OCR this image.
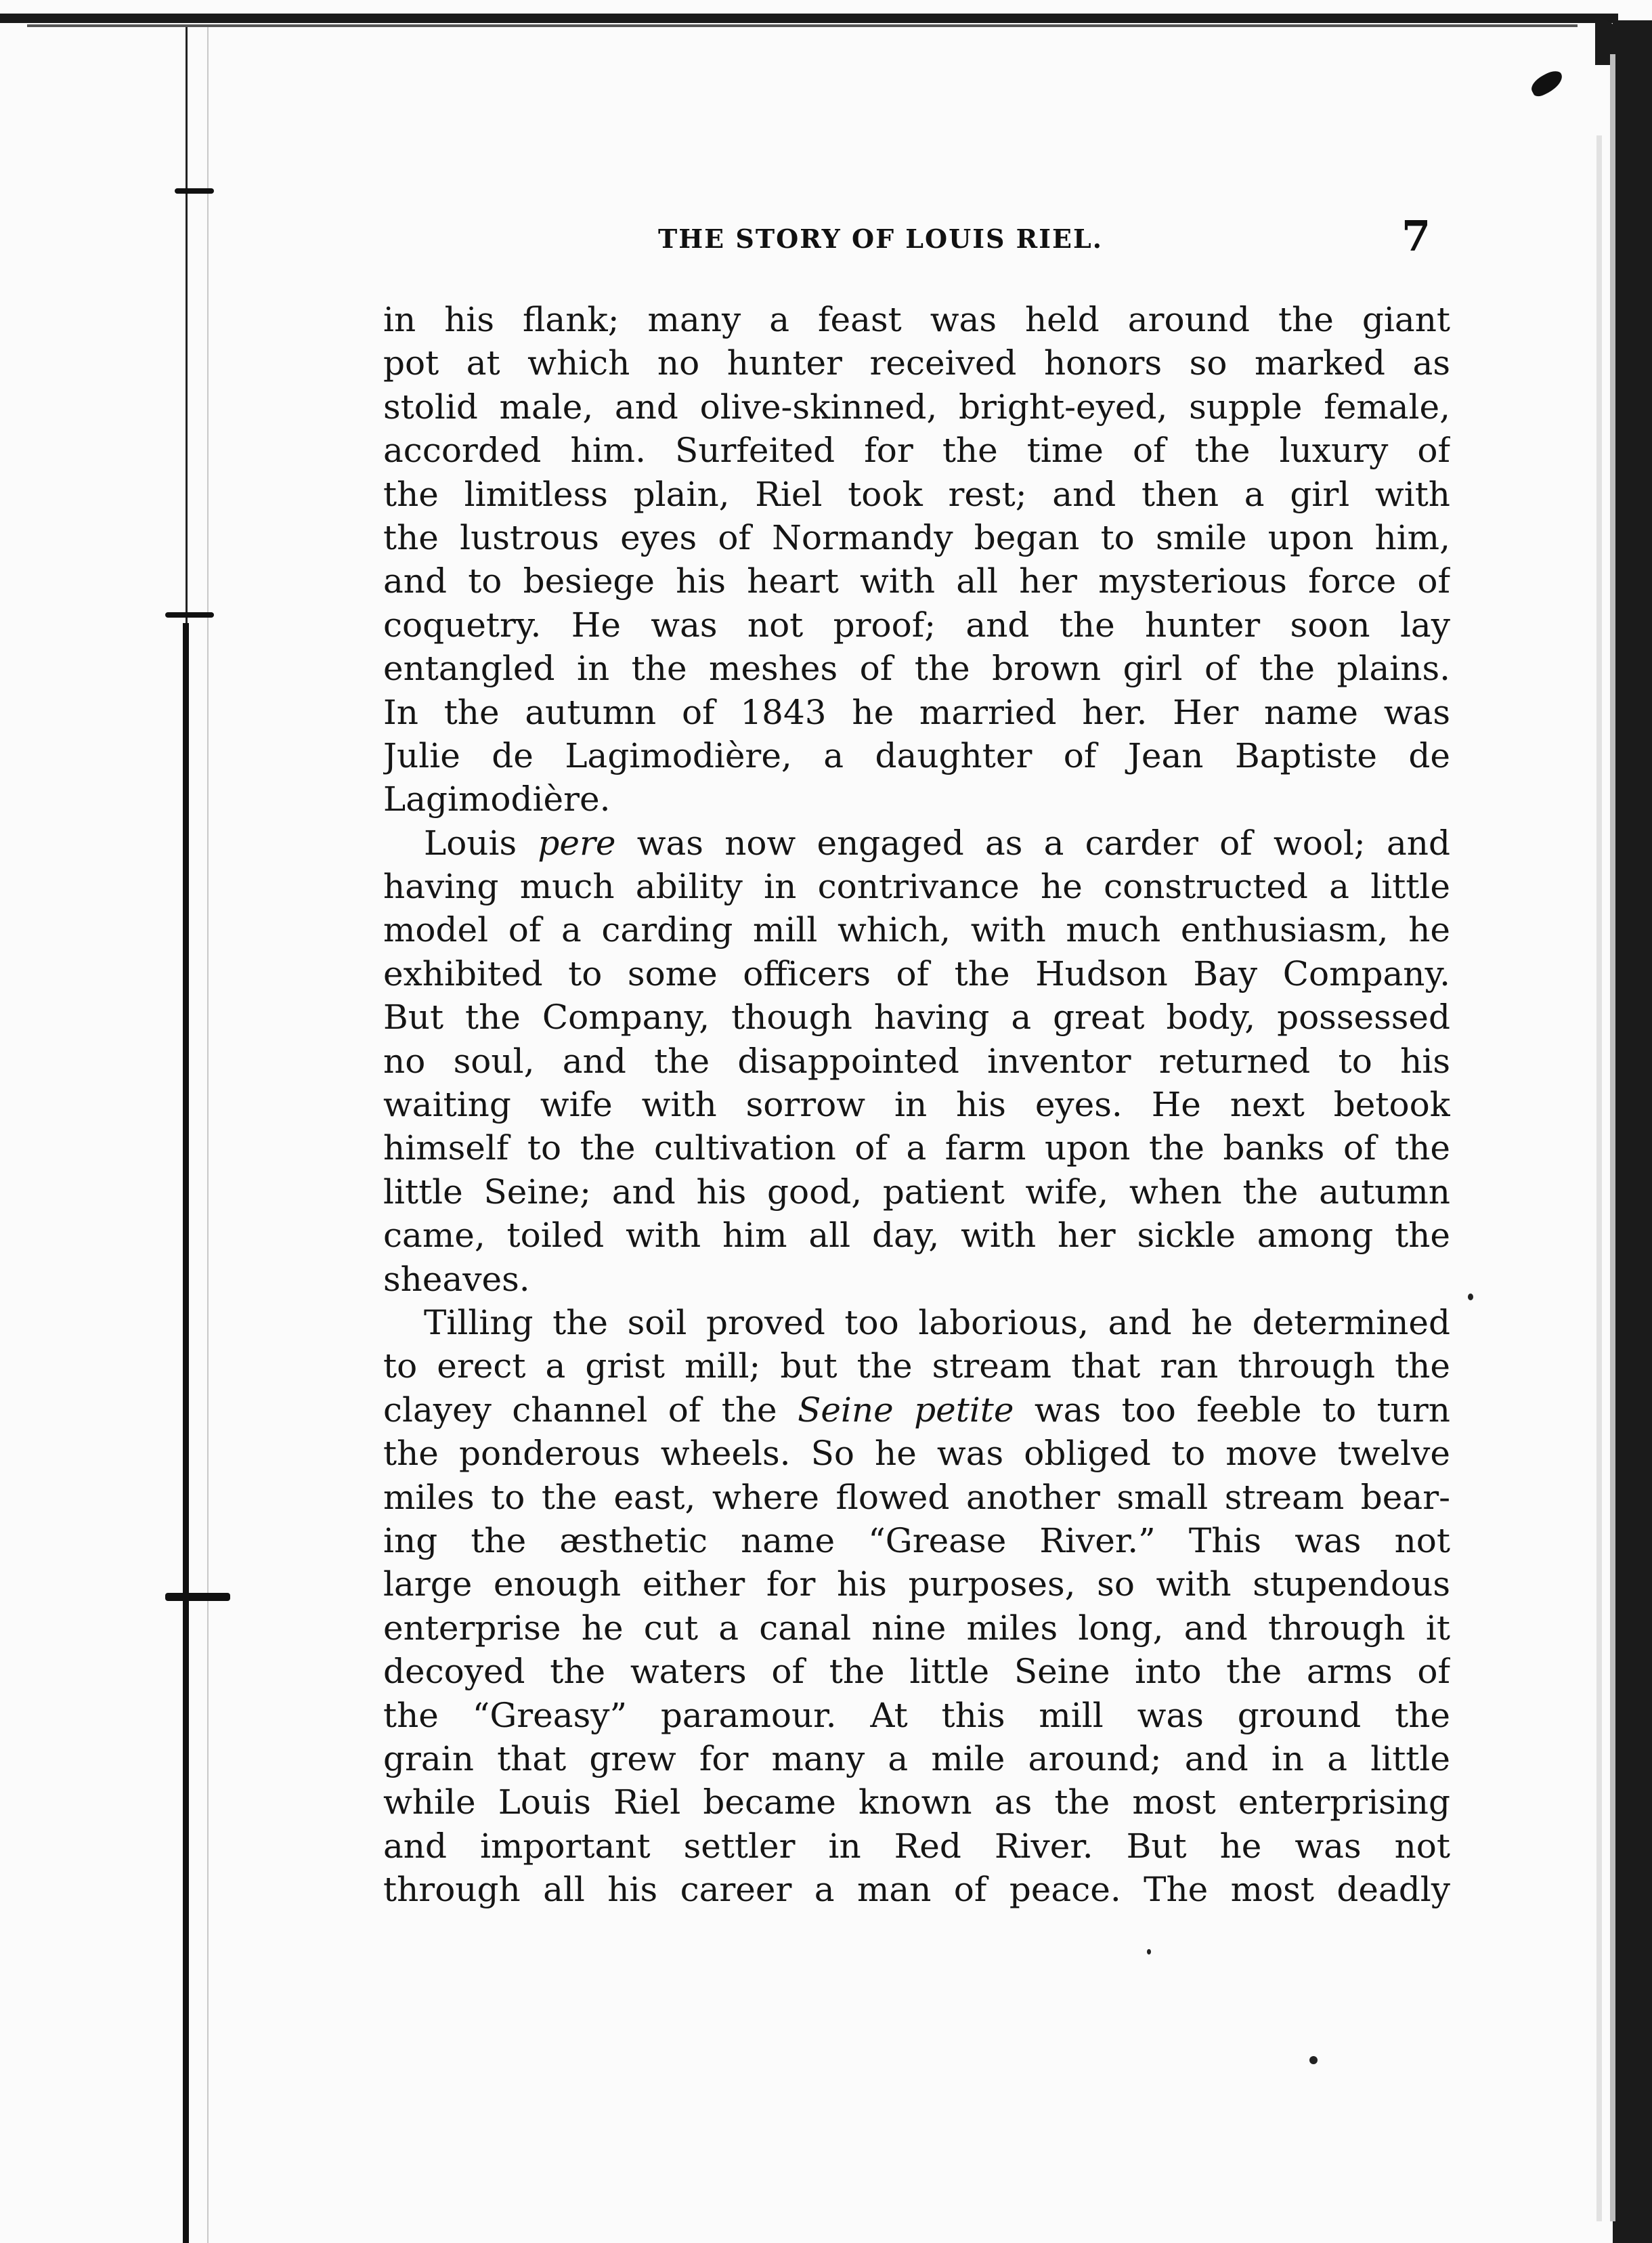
THE STORY OF LOUIS RIEL.	7
in his flank; many a feast was held around the giant
pot at which no hunter received honors so marked as
stolid male, and olive-skinned, bright-eyed, supple female,
accorded him. Surfeited for the time of the luxury of
the limitless plain, Riel took rest; and then a girl with
the lustrous eyes of Normandy began to smile upon him,
and to besiege his heart with all her mysterious force of
coquetry. He was not proof; and the hunter soon lay
entangled in the meshes of the brown girl of the plains.
In the autumn of 1843 he married her. Her name was
Julie de Lagimodière, a daughter of Jean Baptiste de
Lagimodière.
Louis pere was now engaged as a carder of wool; and
having much ability in contrivance he constructed a little
model of a carding mill which, with much enthusiasm, he
exhibited to some officers of the Hudson Bay Company.
But the Company, though having a great body, possessed
no soul, and the disappointed inventor returned to his
waiting wife with sorrow in his eyes. He next betook
himself to the cultivation of a farm upon the banks of the
little Seine; and his good, patient wife, when the autumn
came, toiled with him all day, with her sickle among the
sheaves.
Tilling the soil proved too laborious, and he determined
to erect a grist mill; but the stream that ran through the
clayey channel of the Seine petite was too feeble to turn
the ponderous wheels. So he was obliged to move twelve
miles to the east, where flowed another small stream bear-
ing the æsthetic name “Grease River.” This was not
large enough either for his purposes, so with stupendous
enterprise he cut a canal nine miles long, and through it
decoyed the waters of the little Seine into the arms of
the “Greasy” paramour. At this mill was ground the
grain that grew for many a mile around; and in a little
while Louis Riel became known as the most enterprising
and important settler in Red River. But he was not
through all his career a man of peace. The most deadly
